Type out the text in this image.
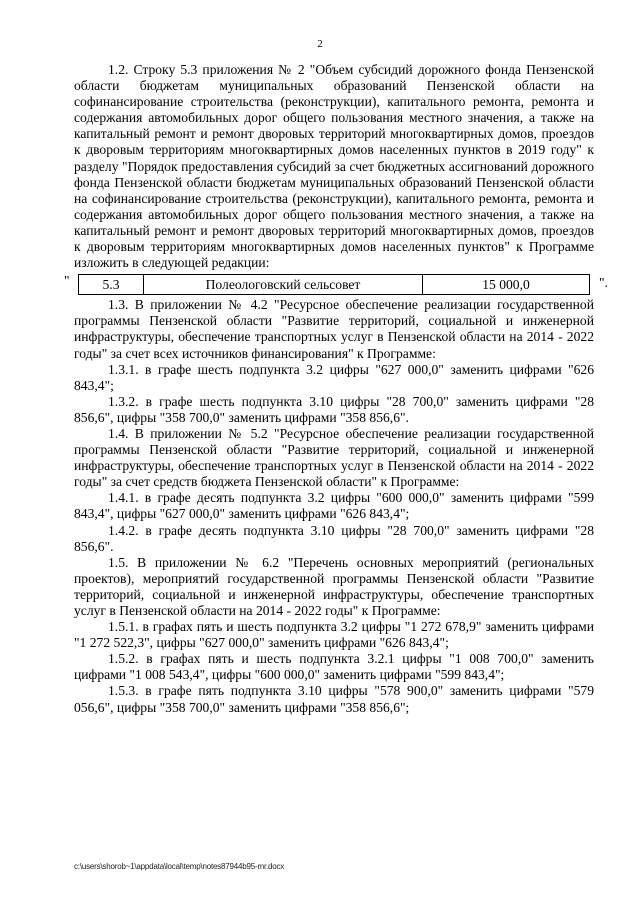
2

1.2. Строку 5.3 приложения № 2 "Объем субсидий дорожного фонда Пензенской области бюджетам муниципальных образований Пензенской области на софинансирование строительства (реконструкции), капитального ремонта, ремонта и содержания автомобильных дорог общего пользования местного значения, а также на капитальный ремонт и ремонт дворовых территорий многоквартирных домов, проездов к дворовым территориям многоквартирных домов населенных пунктов в 2019 году" к разделу "Порядок предоставления субсидий за счет бюджетных ассигнований дорожного фонда Пензенской области бюджетам муниципальных образований Пензенской области на софинансирование строительства (реконструкции), капитального ремонта, ремонта и содержания автомобильных дорог общего пользования местного значения, а также на капитальный ремонт и ремонт дворовых территорий многоквартирных домов, проездов к дворовым территориям многоквартирных домов населенных пунктов" к Программе изложить в следующей редакции:

" 5.3	Полеологовский сельсовет	15 000,0	".

1.3. В приложении № 4.2 "Ресурсное обеспечение реализации государственной программы Пензенской области "Развитие территорий, социальной и инженерной инфраструктуры, обеспечение транспортных услуг в Пензенской области на 2014 - 2022 годы" за счет всех источников финансирования" к Программе:

1.3.1. в графе шесть подпункта 3.2 цифры "627 000,0" заменить цифрами "626 843,4";

1.3.2. в графе шесть подпункта 3.10 цифры "28 700,0" заменить цифрами "28 856,6", цифры "358 700,0" заменить цифрами "358 856,6".

1.4. В приложении № 5.2 "Ресурсное обеспечение реализации государственной программы Пензенской области "Развитие территорий, социальной и инженерной инфраструктуры, обеспечение транспортных услуг в Пензенской области на 2014 - 2022 годы" за счет средств бюджета Пензенской области" к Программе:

1.4.1. в графе десять подпункта 3.2 цифры "600 000,0" заменить цифрами "599 843,4", цифры "627 000,0" заменить цифрами "626 843,4";

1.4.2. в графе десять подпункта 3.10 цифры "28 700,0" заменить цифрами "28 856,6".

1.5. В приложении № 6.2 "Перечень основных мероприятий (региональных проектов), мероприятий государственной программы Пензенской области "Развитие территорий, социальной и инженерной инфраструктуры, обеспечение транспортных услуг в Пензенской области на 2014 - 2022 годы" к Программе:

1.5.1. в графах пять и шесть подпункта 3.2 цифры "1 272 678,9" заменить цифрами "1 272 522,3", цифры "627 000,0" заменить цифрами "626 843,4";

1.5.2. в графах пять и шесть подпункта 3.2.1 цифры "1 008 700,0" заменить цифрами "1 008 543,4", цифры "600 000,0" заменить цифрами "599 843,4";

1.5.3. в графе пять подпункта 3.10 цифры "578 900,0" заменить цифрами "579 056,6", цифры "358 700,0" заменить цифрами "358 856,6";

c:\users\shorob~1\appdata\local\temp\notes87944b95-mr.docx
